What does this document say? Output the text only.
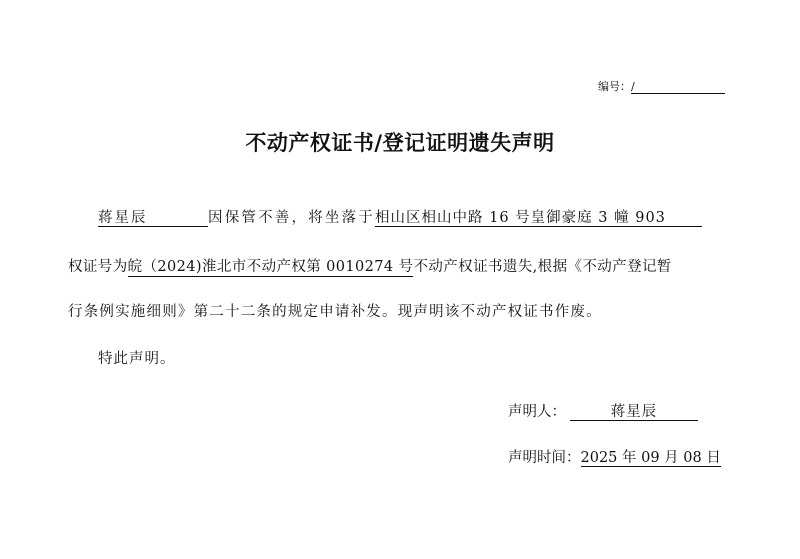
编号：/
不动产权证书/登记证明遗失声明
蒋星辰	因保管不善，将坐落于相山区相山中路 16 号皇御豪庭 3 幢 903
权证号为皖（2024)淮北市不动产权第 0010274 号不动产权证书遗失,根据《不动产登记暂
行条例实施细则》第二十二条的规定申请补发。现声明该不动产权证书作废。
特此声明。
声明人：	蒋星辰
声明时间：2025 年 09 月 08 日
